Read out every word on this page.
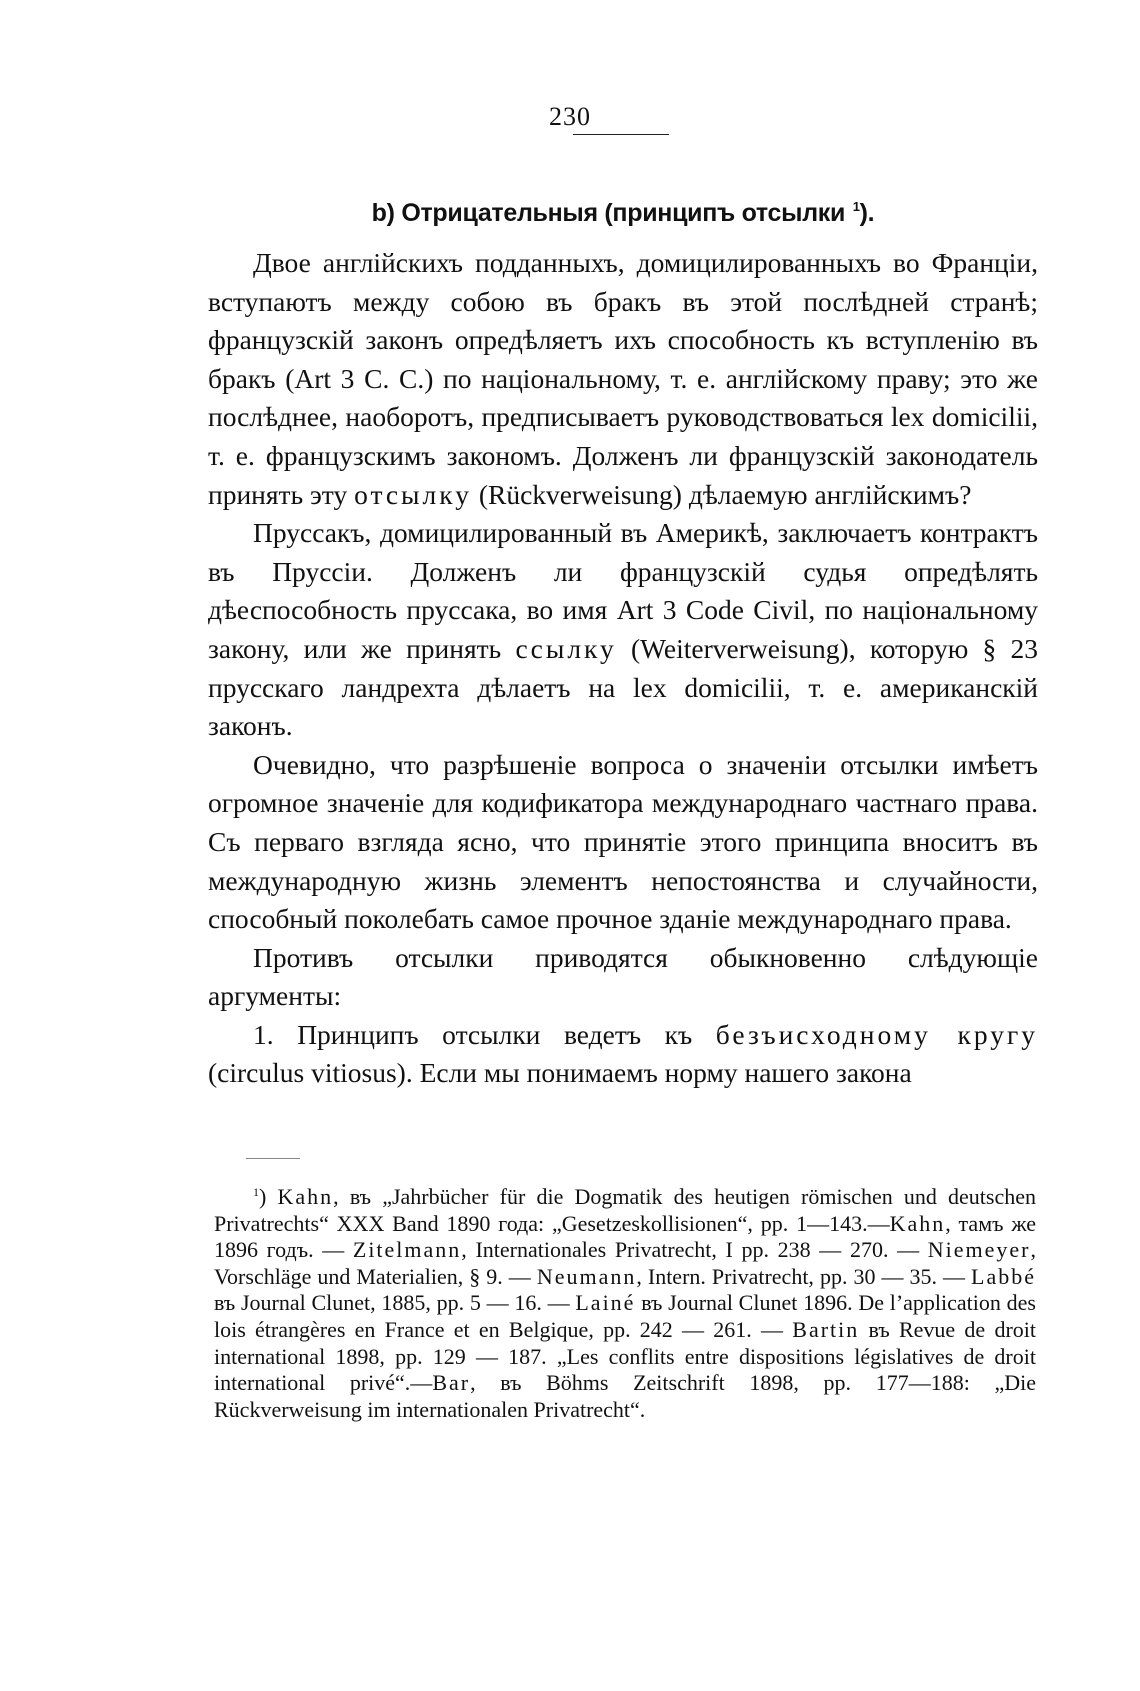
230
b) Отрицательныя (принципъ отсылки $^1$).

Двое англійскихъ подданныхъ, домицилированныхъ во Франціи, вступаютъ между собою въ бракъ въ этой послѣдней странѣ; французскій законъ опредѣляетъ ихъ способность къ вступленію въ бракъ (Art 3 C. C.) по національному, т. е. англійскому праву; это же послѣднее, наоборотъ, предписываетъ руководствоваться lex domicilii, т. е. французскимъ закономъ. Долженъ ли французскій законодатель принять эту отсылку (Rückverweisung) дѣлаемую англійскимъ?

Пруссакъ, домицилированный въ Америкѣ, заключаетъ контрактъ въ Пруссіи. Долженъ ли французскій судья опредѣлять дѣеспособность пруссака, во имя Art 3 Code Civil, по національному закону, или же принять ссылку (Weiterverweisung), которую § 23 прусскаго ландрехта дѣлаетъ на lex domicilii, т. е. американскій законъ.

Очевидно, что разрѣшеніе вопроса о значеніи отсылки имѣетъ огромное значеніе для кодификатора международнаго частнаго права. Съ перваго взгляда ясно, что принятіе этого принципа вноситъ въ международную жизнь элементъ непостоянства и случайности, способный поколебать самое прочное зданіе международнаго права.

Противъ отсылки приводятся обыкновенно слѣдующіе аргументы:

1. Принципъ отсылки ведетъ къ безъисходному кругу (circulus vitiosus). Если мы понимаемъ норму нашего закона

$^1$) Kahn, въ „Jahrbücher für die Dogmatik des heutigen römischen und deutschen Privatrechts“ XXX Band 1890 года: „Gesetzeskollisionen“, pp. 1—143.—Kahn, тамъ же 1896 годъ. — Zitelmann, Internationales Privatrecht, I pp. 238 — 270. — Niemeyer, Vorschläge und Materialien, § 9. — Neumann, Intern. Privatrecht, pp. 30 — 35. — Labbé въ Journal Clunet, 1885, pp. 5 — 16. — Lainé въ Journal Clunet 1896. De l’application des lois étrangères en France et en Belgique, pp. 242 — 261. — Bartin въ Revue de droit international 1898, pp. 129 — 187. „Les conflits entre dispositions législatives de droit international privé“.—Bar, въ Böhms Zeitschrift 1898, pp. 177—188: „Die Rückverweisung im internationalen Privatrecht“.
